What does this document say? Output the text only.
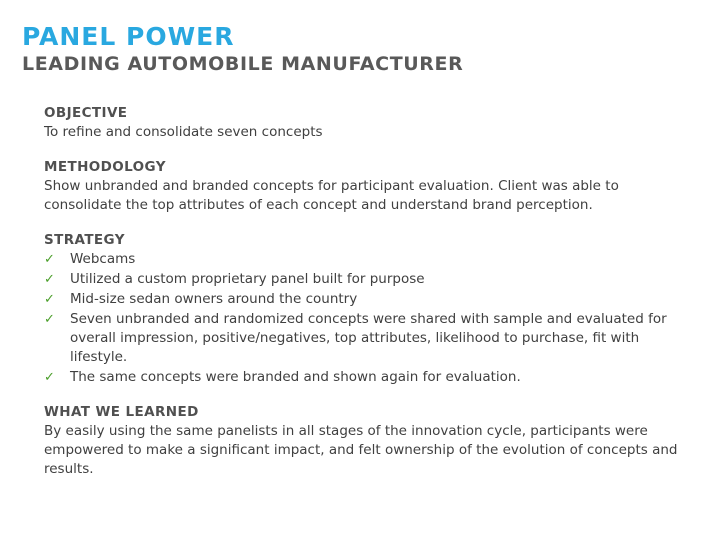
PANEL POWER
LEADING AUTOMOBILE MANUFACTURER

OBJECTIVE

To refine and consolidate seven concepts

METHODOLOGY

Show unbranded and branded concepts for participant evaluation. Client was able to consolidate the top attributes of each concept and understand brand perception.

STRATEGY

✓ Webcams
✓ Utilized a custom proprietary panel built for purpose
✓ Mid-size sedan owners around the country
✓ Seven unbranded and randomized concepts were shared with sample and evaluated for overall impression, positive/negatives, top attributes, likelihood to purchase, fit with lifestyle.
✓ The same concepts were branded and shown again for evaluation.

WHAT WE LEARNED

By easily using the same panelists in all stages of the innovation cycle, participants were empowered to make a significant impact, and felt ownership of the evolution of concepts and results.
